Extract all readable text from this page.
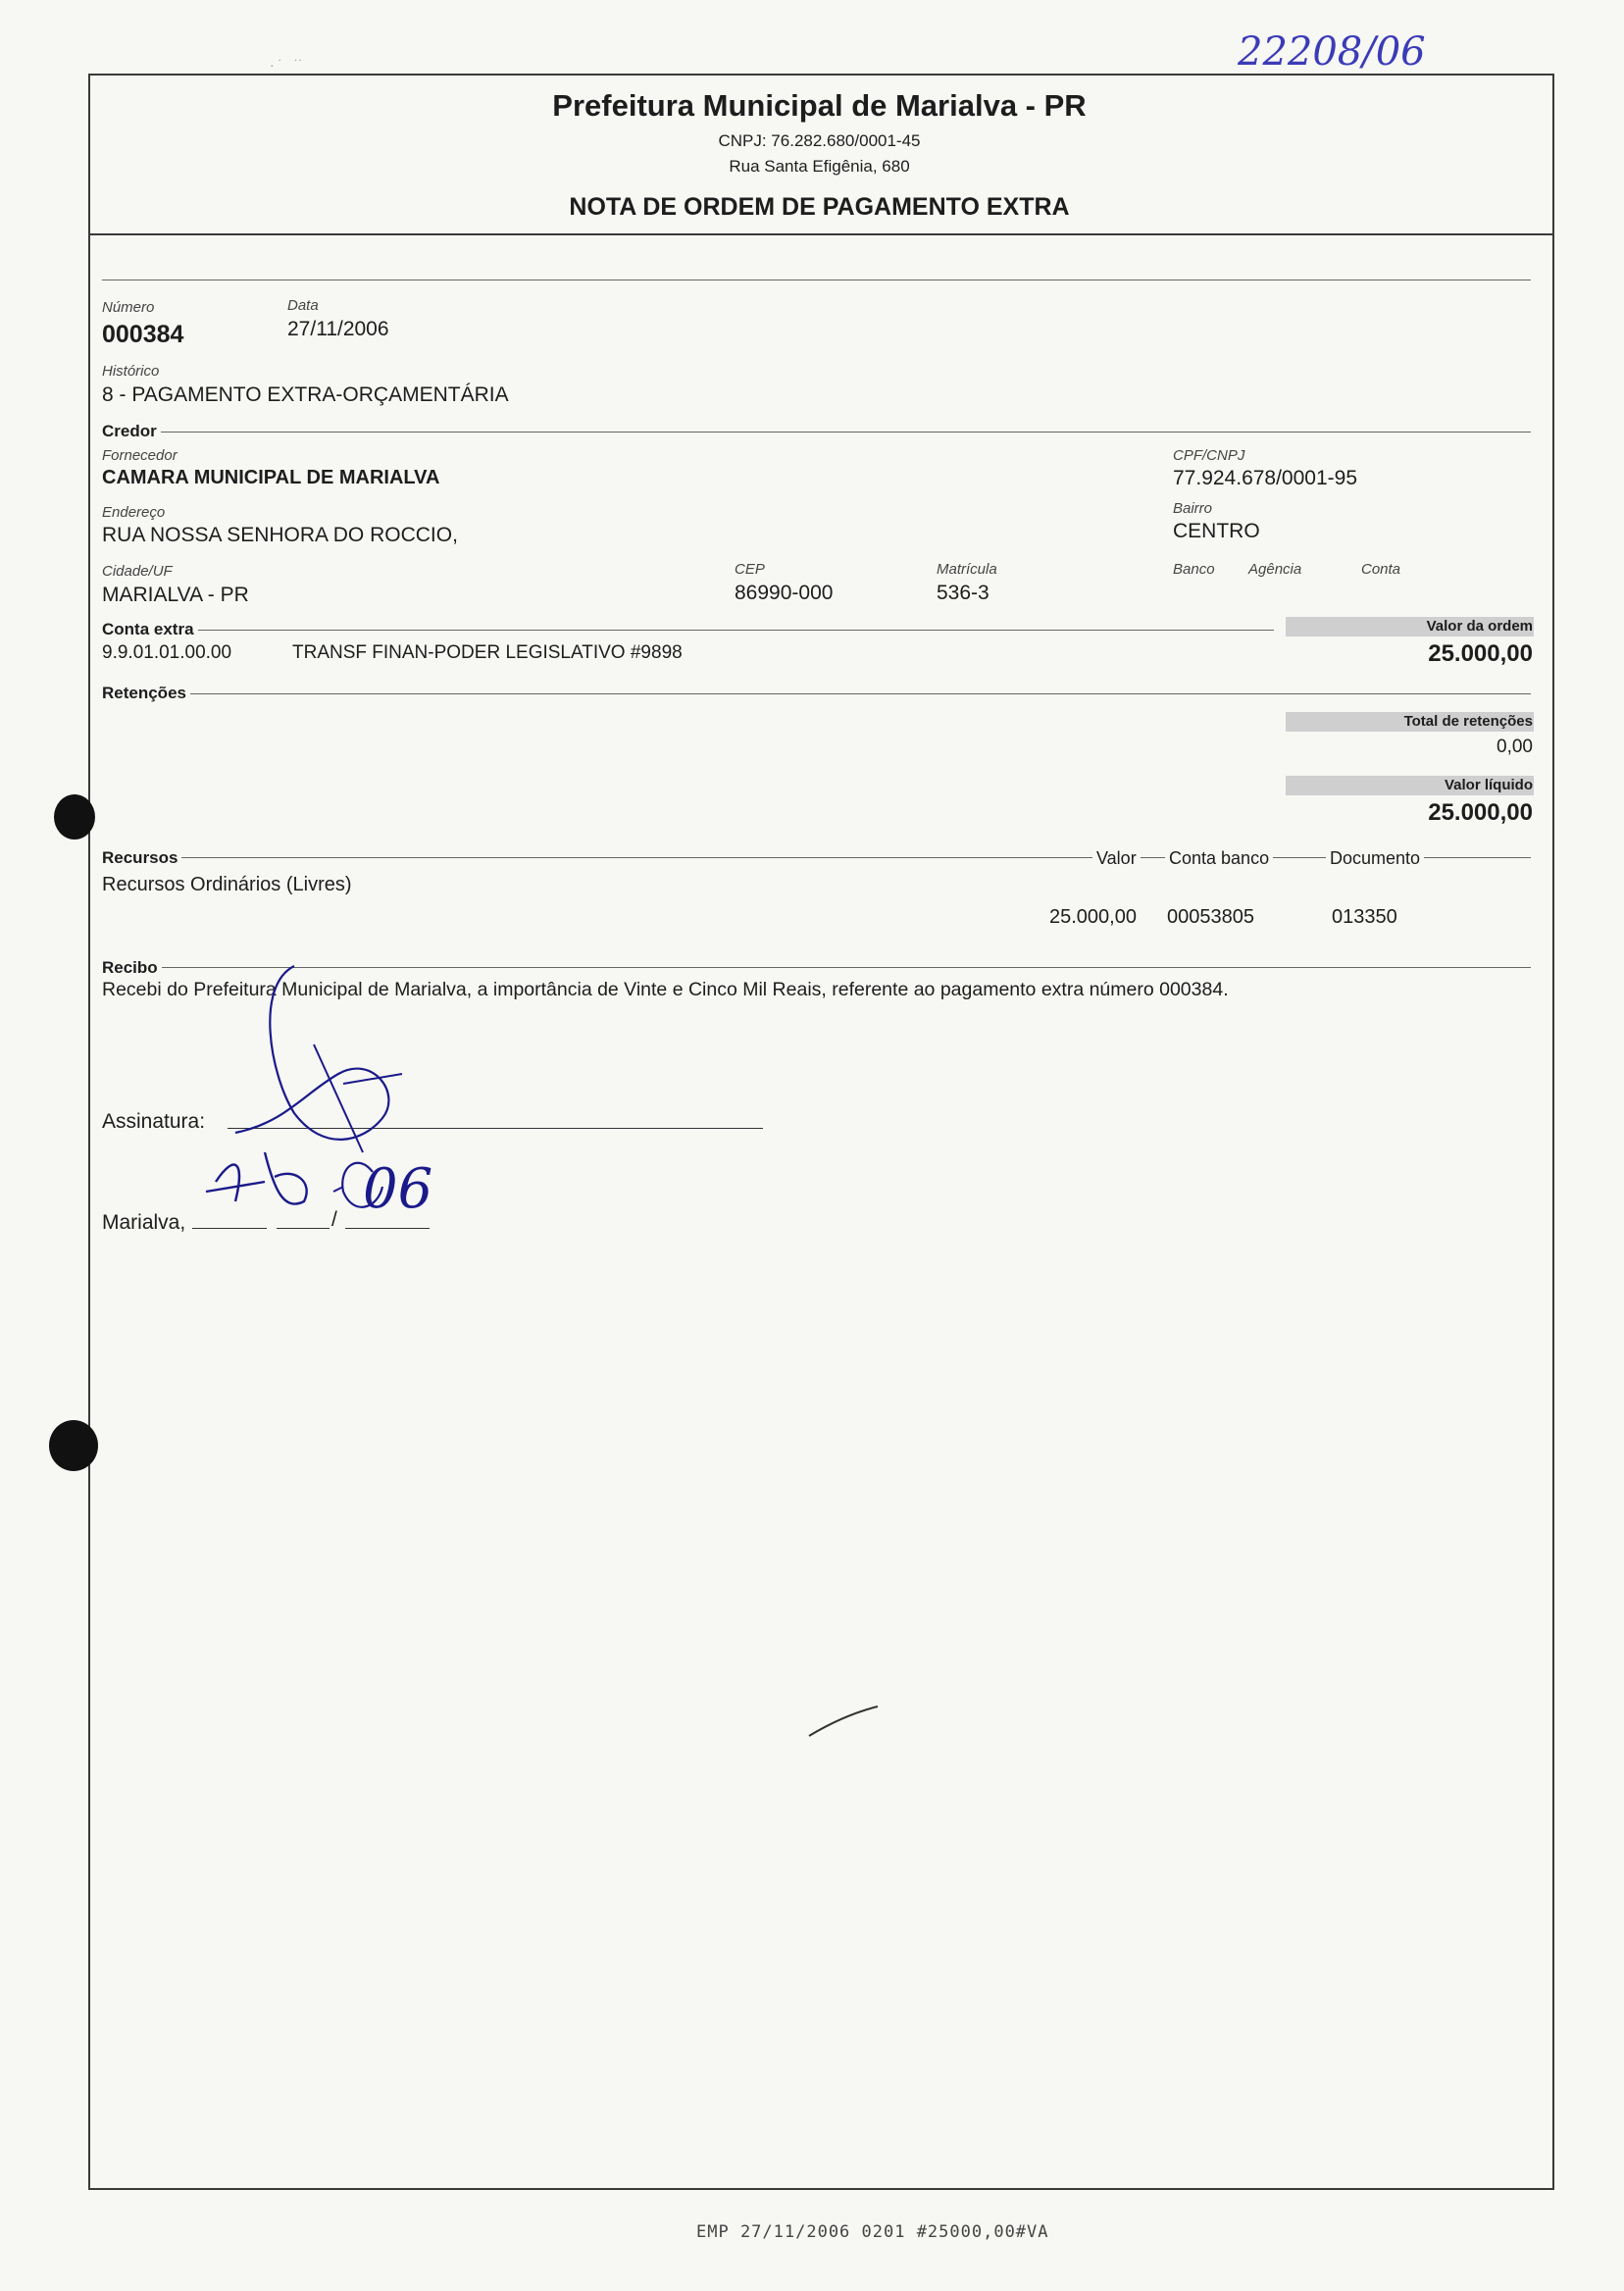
22208/06
· ˙   ˙˙
Prefeitura Municipal de Marialva - PR
CNPJ: 76.282.680/0001-45
Rua Santa Efigênia, 680
NOTA DE ORDEM DE PAGAMENTO EXTRA
Número
000384
Data
27/11/2006
Histórico
8 - PAGAMENTO EXTRA-ORÇAMENTÁRIA
Credor
Fornecedor
CAMARA MUNICIPAL DE MARIALVA
CPF/CNPJ
77.924.678/0001-95
Endereço
RUA NOSSA SENHORA DO ROCCIO,
Bairro
CENTRO
Cidade/UF
MARIALVA - PR
CEP
86990-000
Matrícula
536-3
Banco Agência	Conta
Conta extra	Valor da ordem
9.9.01.01.00.00	TRANSF FINAN-PODER LEGISLATIVO #9898	25.000,00
Retenções
Total de retenções
0,00
Valor líquido
25.000,00
Recursos	Valor Conta banco	Documento
Recursos Ordinários (Livres)
25.000,00 00053805	013350
Recibo
Recebi do Prefeitura Municipal de Marialva, a importância de Vinte e Cinco Mil Reais, referente ao pagamento extra número 000384.
Assinatura:
Marialva,	/ 06
EMP 27/11/2006 0201 #25000,00#VA
